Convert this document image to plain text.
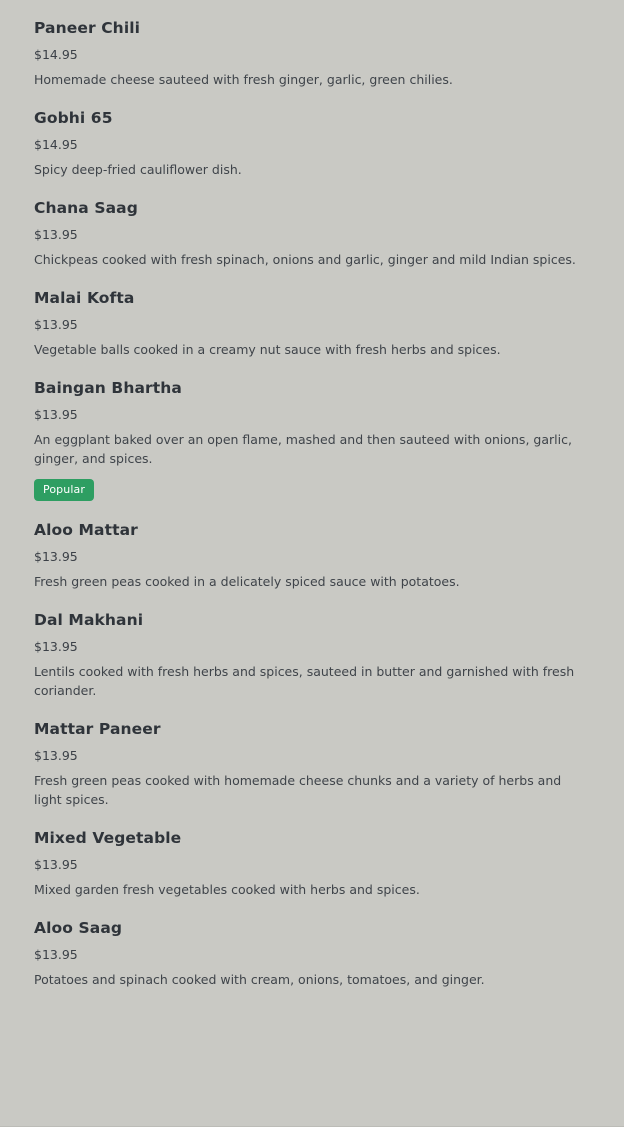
Paneer Chili
$14.95
Homemade cheese sauteed with fresh ginger, garlic, green chilies.
Gobhi 65
$14.95
Spicy deep-fried cauliflower dish.
Chana Saag
$13.95
Chickpeas cooked with fresh spinach, onions and garlic, ginger and mild Indian spices.
Malai Kofta
$13.95
Vegetable balls cooked in a creamy nut sauce with fresh herbs and spices.
Baingan Bhartha
$13.95
An eggplant baked over an open flame, mashed and then sauteed with onions, garlic, ginger, and spices.
Popular
Aloo Mattar
$13.95
Fresh green peas cooked in a delicately spiced sauce with potatoes.
Dal Makhani
$13.95
Lentils cooked with fresh herbs and spices, sauteed in butter and garnished with fresh coriander.
Mattar Paneer
$13.95
Fresh green peas cooked with homemade cheese chunks and a variety of herbs and light spices.
Mixed Vegetable
$13.95
Mixed garden fresh vegetables cooked with herbs and spices.
Aloo Saag
$13.95
Potatoes and spinach cooked with cream, onions, tomatoes, and ginger.
